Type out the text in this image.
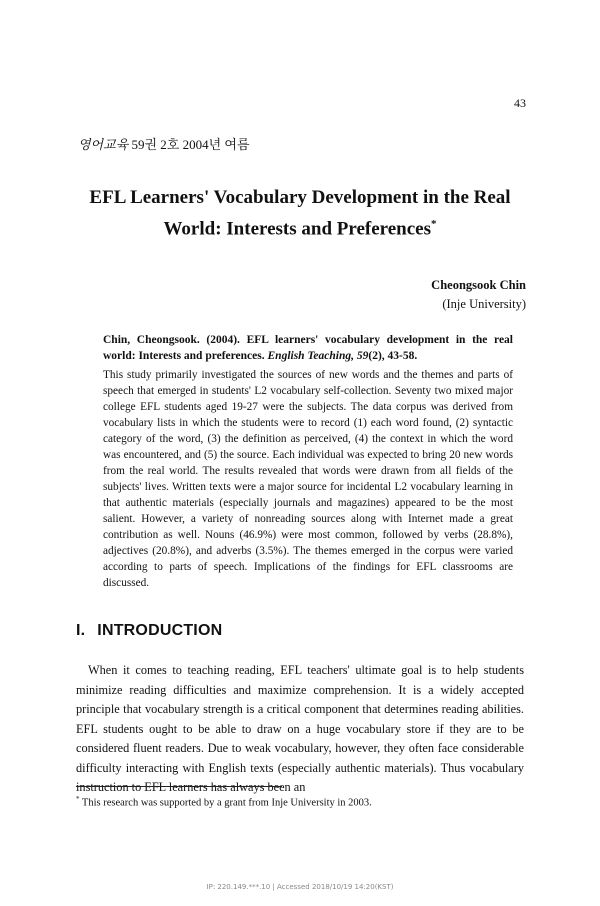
43
영어교육 59권 2호 2004년 여름
EFL Learners' Vocabulary Development in the Real
World: Interests and Preferences*
Cheongsook Chin
(Inje University)
Chin, Cheongsook. (2004). EFL learners' vocabulary development in the real world: Interests and preferences. English Teaching, 59(2), 43-58.
This study primarily investigated the sources of new words and the themes and parts of speech that emerged in students' L2 vocabulary self-collection. Seventy two mixed major college EFL students aged 19-27 were the subjects. The data corpus was derived from vocabulary lists in which the students were to record (1) each word found, (2) syntactic category of the word, (3) the definition as perceived, (4) the context in which the word was encountered, and (5) the source. Each individual was expected to bring 20 new words from the real world. The results revealed that words were drawn from all fields of the subjects' lives. Written texts were a major source for incidental L2 vocabulary learning in that authentic materials (especially journals and magazines) appeared to be the most salient. However, a variety of nonreading sources along with Internet made a great contribution as well. Nouns (46.9%) were most common, followed by verbs (28.8%), adjectives (20.8%), and adverbs (3.5%). The themes emerged in the corpus were varied according to parts of speech. Implications of the findings for EFL classrooms are discussed.
I. INTRODUCTION
When it comes to teaching reading, EFL teachers' ultimate goal is to help students minimize reading difficulties and maximize comprehension. It is a widely accepted principle that vocabulary strength is a critical component that determines reading abilities. EFL students ought to be able to draw on a huge vocabulary store if they are to be considered fluent readers. Due to weak vocabulary, however, they often face considerable difficulty interacting with English texts (especially authentic materials). Thus vocabulary instruction to EFL learners has always been an
* This research was supported by a grant from Inje University in 2003.
IP: 220.149.***.10 | Accessed 2018/10/19 14:20(KST)
